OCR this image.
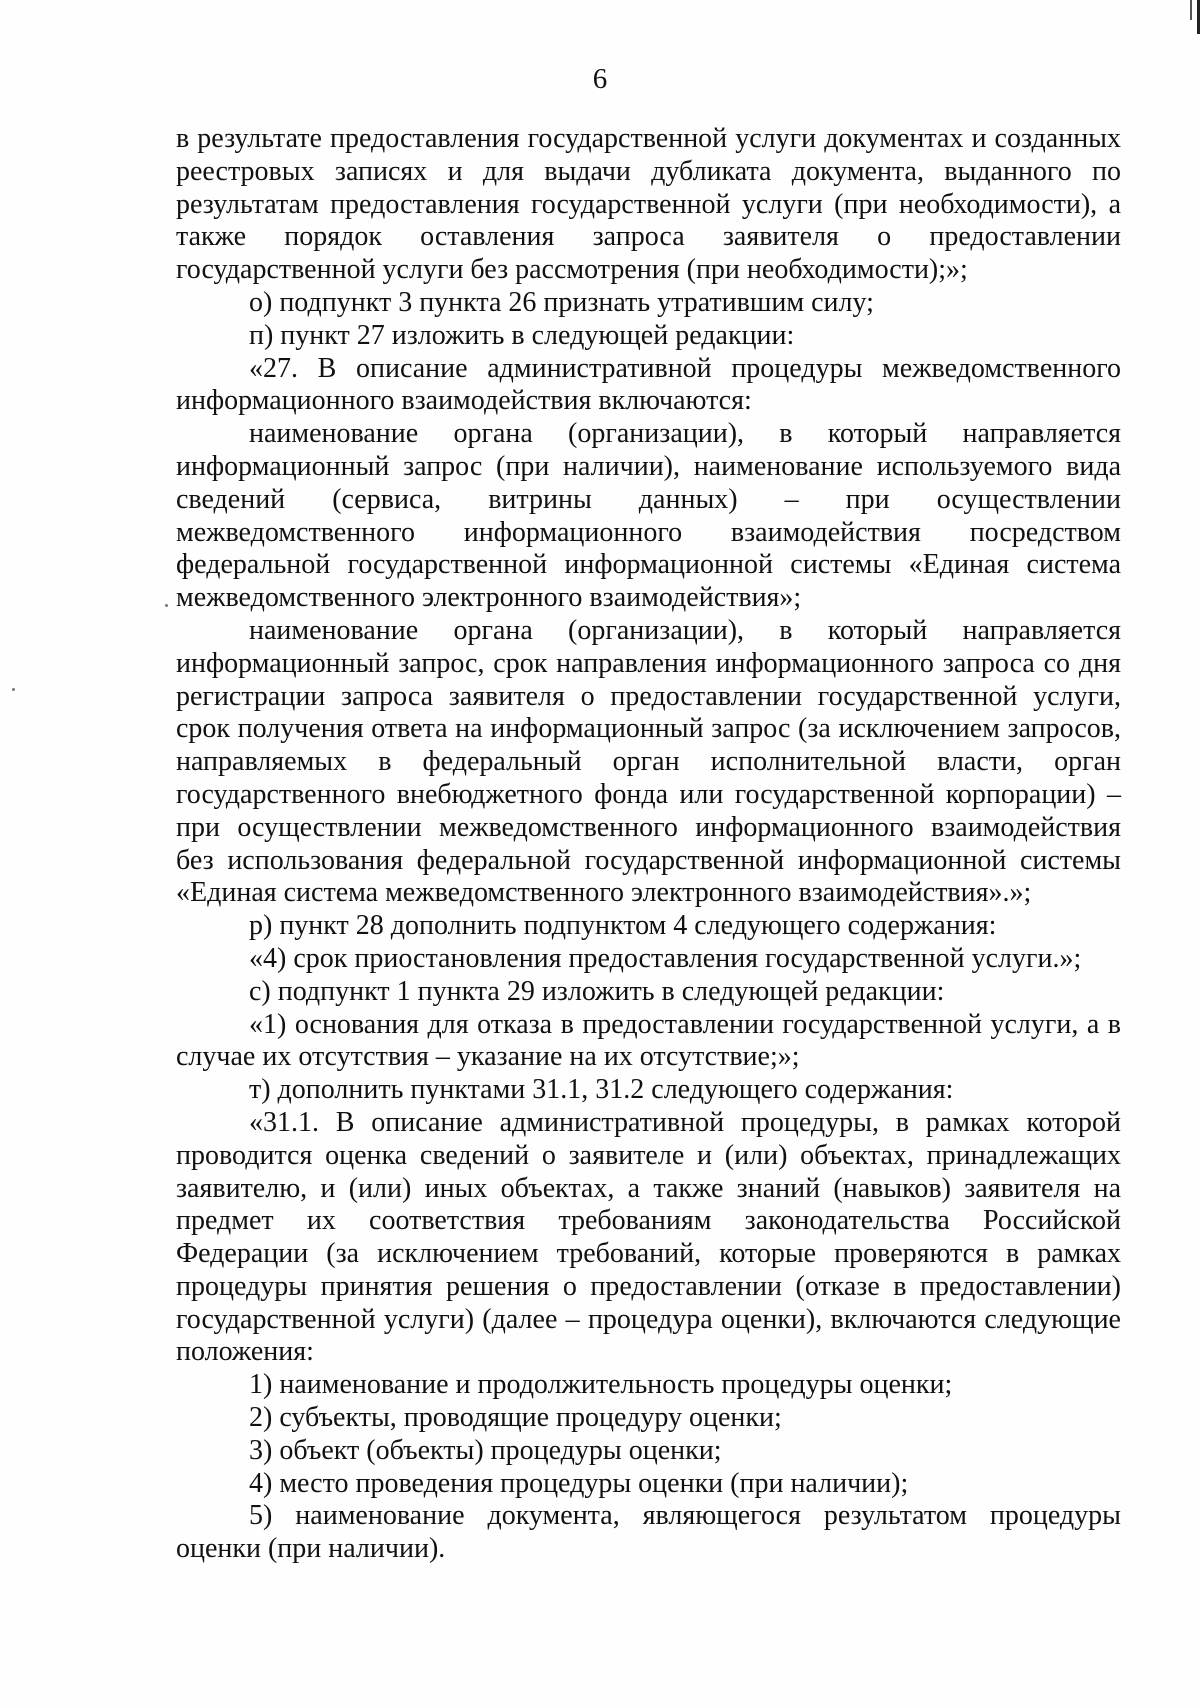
6

в результате предоставления государственной услуги документах и созданных реестровых записях и для выдачи дубликата документа, выданного по результатам предоставления государственной услуги (при необходимости), а также порядок оставления запроса заявителя о предоставлении государственной услуги без рассмотрения (при необходимости);»;

о) подпункт 3 пункта 26 признать утратившим силу;

п) пункт 27 изложить в следующей редакции:

«27. В описание административной процедуры межведомственного информационного взаимодействия включаются:

наименование органа (организации), в который направляется информационный запрос (при наличии), наименование используемого вида сведений (сервиса, витрины данных) – при осуществлении межведомственного информационного взаимодействия посредством федеральной государственной информационной системы «Единая система межведомственного электронного взаимодействия»;

наименование органа (организации), в который направляется информационный запрос, срок направления информационного запроса со дня регистрации запроса заявителя о предоставлении государственной услуги, срок получения ответа на информационный запрос (за исключением запросов, направляемых в федеральный орган исполнительной власти, орган государственного внебюджетного фонда или государственной корпорации) – при осуществлении межведомственного информационного взаимодействия без использования федеральной государственной информационной системы «Единая система межведомственного электронного взаимодействия».»;

р) пункт 28 дополнить подпунктом 4 следующего содержания:

«4) срок приостановления предоставления государственной услуги.»;

с) подпункт 1 пункта 29 изложить в следующей редакции:

«1) основания для отказа в предоставлении государственной услуги, а в случае их отсутствия – указание на их отсутствие;»;

т) дополнить пунктами 31.1, 31.2 следующего содержания:

«31.1. В описание административной процедуры, в рамках которой проводится оценка сведений о заявителе и (или) объектах, принадлежащих заявителю, и (или) иных объектах, а также знаний (навыков) заявителя на предмет их соответствия требованиям законодательства Российской Федерации (за исключением требований, которые проверяются в рамках процедуры принятия решения о предоставлении (отказе в предоставлении) государственной услуги) (далее – процедура оценки), включаются следующие положения:

1) наименование и продолжительность процедуры оценки;

2) субъекты, проводящие процедуру оценки;

3) объект (объекты) процедуры оценки;

4) место проведения процедуры оценки (при наличии);

5) наименование документа, являющегося результатом процедуры оценки (при наличии).
